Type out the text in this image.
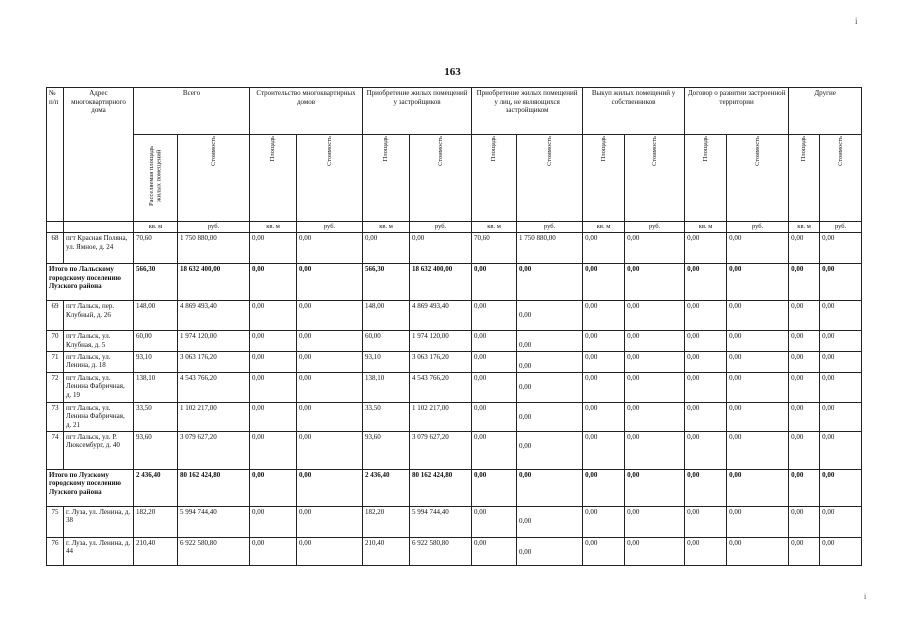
163
i
i
№ п/п	Адрес многоквартирного дома	Всего		Строительство многоквартирных домов		Приобретение жилых помещений у застройщиков		Приобретение жилых помещений у лиц, не являющихся застройщиком		Выкуп жилых помещений у собственников		Договор о развитии застроенной территории		Другие	

		Расселяемая площадь жилых помещений	Стоимость	Площадь	Стоимость	Площадь	Стоимость	Площадь	Стоимость	Площадь	Стоимость	Площадь	Стоимость	Площадь	Стоимость

		кв. м	руб.	кв. м	руб.	кв. м	руб.	кв. м	руб.	кв. м	руб.	кв. м	руб.	кв. м	руб.
68	пгт Красная Поляна, ул. Ямное, д. 24	70,60	1 750 880,00	0,00	0,00	0,00	0,00	70,60	1 750 880,00	0,00	0,00	0,00	0,00	0,00	0,00
Итого по Лальскому городскому поселению Лузского района		566,30	18 632 400,00	0,00	0,00	566,30	18 632 400,00	0,00	0,00	0,00	0,00	0,00	0,00	0,00	0,00
69	пгт Лальск, пер. Клубный, д. 26	148,00	4 869 493,40	0,00	0,00	148,00	4 869 493,40	0,00	0,00	0,00	0,00	0,00	0,00	0,00	0,00
70	пгт Лальск, ул. Клубная, д. 5	60,00	1 974 120,00	0,00	0,00	60,00	1 974 120,00	0,00	0,00	0,00	0,00	0,00	0,00	0,00	0,00
71	пгт Лальск, ул. Ленина, д. 18	93,10	3 063 176,20	0,00	0,00	93,10	3 063 176,20	0,00	0,00	0,00	0,00	0,00	0,00	0,00	0,00
72	пгт Лальск, ул. Ленина Фабричная, д. 19	138,10	4 543 766,20	0,00	0,00	138,10	4 543 766,20	0,00	0,00	0,00	0,00	0,00	0,00	0,00	0,00
73	пгт Лальск, ул. Ленина Фабричная, д. 21	33,50	1 102 217,00	0,00	0,00	33,50	1 102 217,00	0,00	0,00	0,00	0,00	0,00	0,00	0,00	0,00
74	пгт Лальск, ул. Р. Люксембург, д. 40	93,60	3 079 627,20	0,00	0,00	93,60	3 079 627,20	0,00	0,00	0,00	0,00	0,00	0,00	0,00	0,00
Итого по Лузскому городскому поселению Лузского района		2 436,40	80 162 424,80	0,00	0,00	2 436,40	80 162 424,80	0,00	0,00	0,00	0,00	0,00	0,00	0,00	0,00
75	г. Луза, ул. Ленина, д. 38	182,20	5 994 744,40	0,00	0,00	182,20	5 994 744,40	0,00	0,00	0,00	0,00	0,00	0,00	0,00	0,00
76	г. Луза, ул. Ленина, д. 44	210,40	6 922 580,80	0,00	0,00	210,40	6 922 580,80	0,00	0,00	0,00	0,00	0,00	0,00	0,00	0,00
